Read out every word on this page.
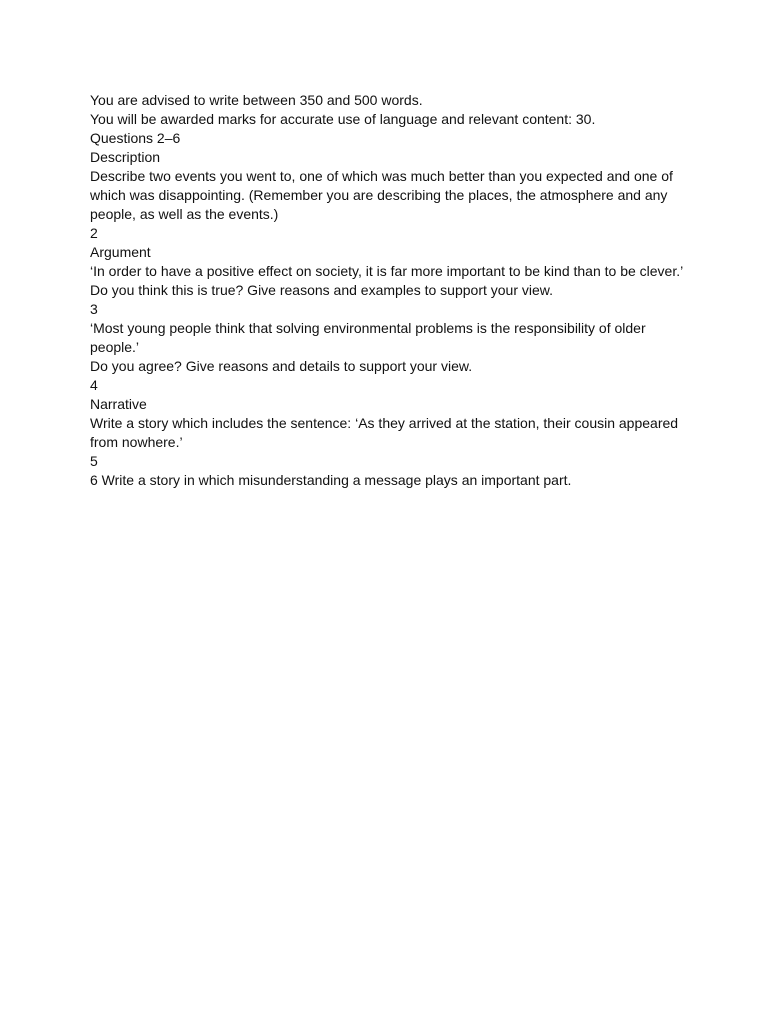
You are advised to write between 350 and 500 words.

You will be awarded marks for accurate use of language and relevant content: 30.

Questions 2–6

Description

Describe two events you went to, one of which was much better than you expected and one of which was disappointing. (Remember you are describing the places, the atmosphere and any people, as well as the events.)

2

Argument

‘In order to have a positive effect on society, it is far more important to be kind than to be clever.’

Do you think this is true? Give reasons and examples to support your view.

3

‘Most young people think that solving environmental problems is the responsibility of older people.’

Do you agree? Give reasons and details to support your view.

4

Narrative

Write a story which includes the sentence: ‘As they arrived at the station, their cousin appeared from nowhere.’

5

6 Write a story in which misunderstanding a message plays an important part.
